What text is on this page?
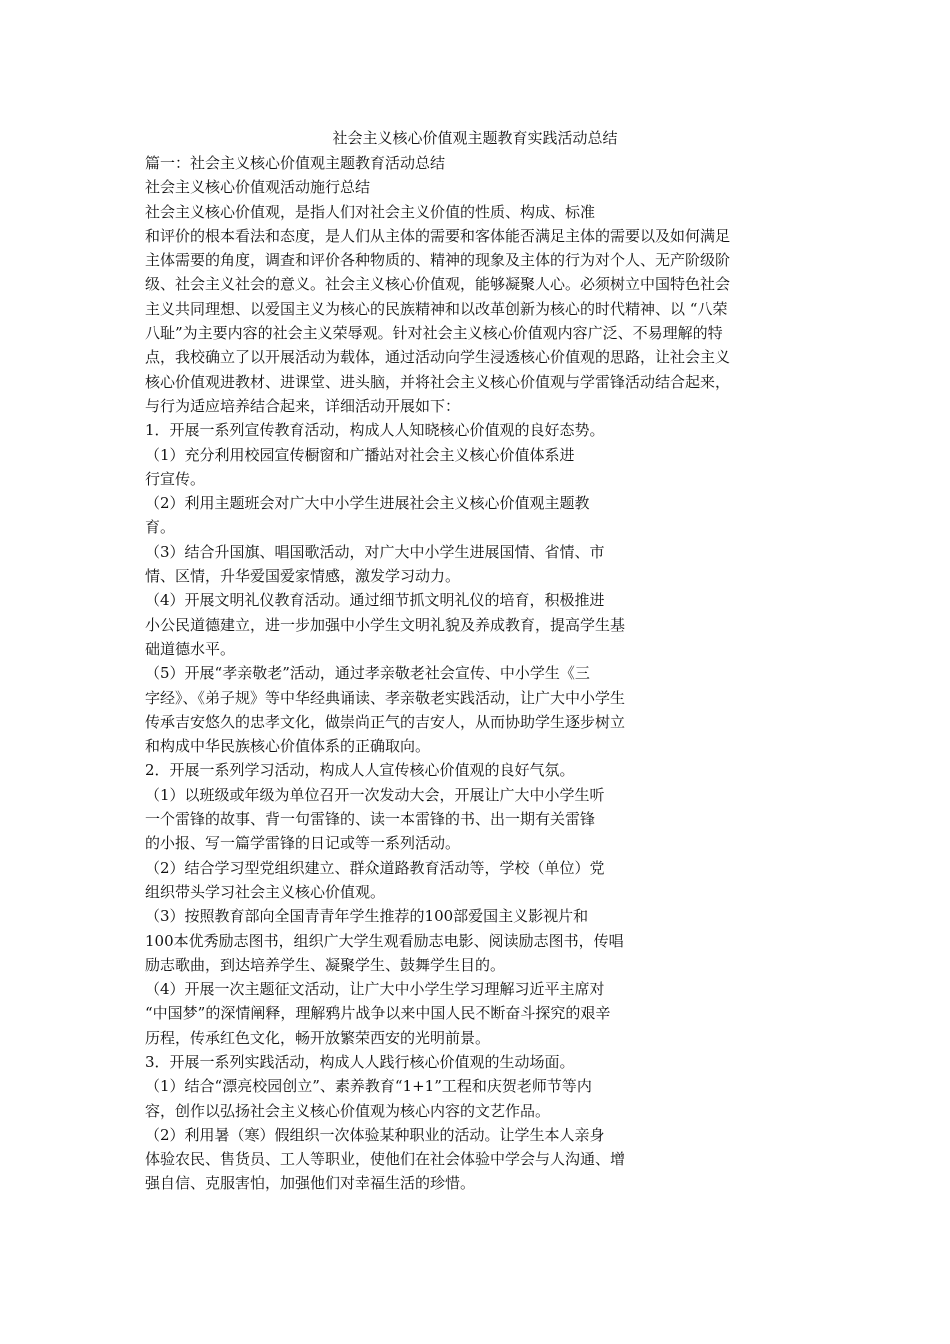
社会主义核心价值观主题教育实践活动总结
篇一：社会主义核心价值观主题教育活动总结
社会主义核心价值观活动施行总结
社会主义核心价值观，是指人们对社会主义价值的性质、构成、标准
和评价的根本看法和态度，是人们从主体的需要和客体能否满足主体的需要以及如何满足
主体需要的角度，调查和评价各种物质的、精神的现象及主体的行为对个人、无产阶级阶
级、社会主义社会的意义。社会主义核心价值观，能够凝聚人心。必须树立中国特色社会
主义共同理想、以爱国主义为核心的民族精神和以改革创新为核心的时代精神、以 “八荣
八耻”为主要内容的社会主义荣辱观。针对社会主义核心价值观内容广泛、不易理解的特
点，我校确立了以开展活动为载体，通过活动向学生浸透核心价值观的思路，让社会主义
核心价值观进教材、进课堂、进头脑，并将社会主义核心价值观与学雷锋活动结合起来，
与行为适应培养结合起来，详细活动开展如下：
1．开展一系列宣传教育活动，构成人人知晓核心价值观的良好态势。
（1）充分利用校园宣传橱窗和广播站对社会主义核心价值体系进
行宣传。
（2）利用主题班会对广大中小学生进展社会主义核心价值观主题教
育。
（3）结合升国旗、唱国歌活动，对广大中小学生进展国情、省情、市
情、区情，升华爱国爱家情感，激发学习动力。
（4）开展文明礼仪教育活动。通过细节抓文明礼仪的培育，积极推进
小公民道德建立，进一步加强中小学生文明礼貌及养成教育，提高学生基
础道德水平。
（5）开展“孝亲敬老”活动，通过孝亲敬老社会宣传、中小学生《三
字经》、《弟子规》等中华经典诵读、孝亲敬老实践活动，让广大中小学生
传承吉安悠久的忠孝文化，做崇尚正气的吉安人，从而协助学生逐步树立
和构成中华民族核心价值体系的正确取向。
2．开展一系列学习活动，构成人人宣传核心价值观的良好气氛。
（1）以班级或年级为单位召开一次发动大会，开展让广大中小学生听
一个雷锋的故事、背一句雷锋的、读一本雷锋的书、出一期有关雷锋
的小报、写一篇学雷锋的日记或等一系列活动。
（2）结合学习型党组织建立、群众道路教育活动等，学校（单位）党
组织带头学习社会主义核心价值观。
（3）按照教育部向全国青青年学生推荐的100部爱国主义影视片和
100本优秀励志图书，组织广大学生观看励志电影、阅读励志图书，传唱
励志歌曲，到达培养学生、凝聚学生、鼓舞学生目的。
（4）开展一次主题征文活动，让广大中小学生学习理解习近平主席对
“中国梦”的深情阐释，理解鸦片战争以来中国人民不断奋斗探究的艰辛
历程，传承红色文化，畅开放繁荣西安的光明前景。
3．开展一系列实践活动，构成人人践行核心价值观的生动场面。
（1）结合“漂亮校园创立”、素养教育“1+1”工程和庆贺老师节等内
容，创作以弘扬社会主义核心价值观为核心内容的文艺作品。
（2）利用暑（寒）假组织一次体验某种职业的活动。让学生本人亲身
体验农民、售货员、工人等职业，使他们在社会体验中学会与人沟通、增
强自信、克服害怕，加强他们对幸福生活的珍惜。
